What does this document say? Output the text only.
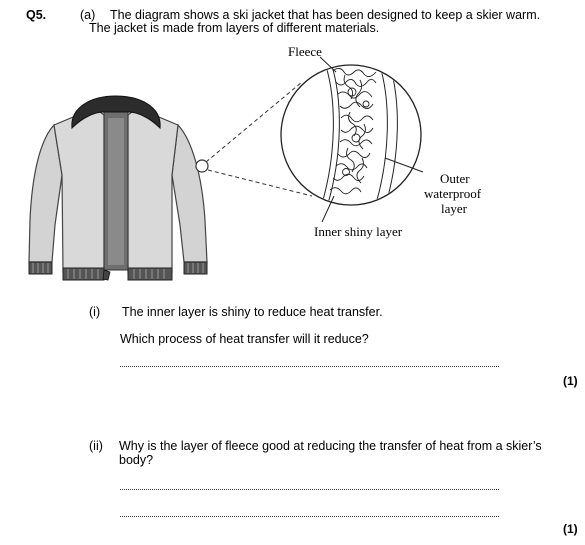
Q5.	(a) The diagram shows a ski jacket that has been designed to keep a skier warm.
The jacket is made from layers of different materials.
Fleece
Outer
waterproof
layer
Inner shiny layer
(i) The inner layer is shiny to reduce heat transfer.
Which process of heat transfer will it reduce?
(1)
(ii) Why is the layer of fleece good at reducing the transfer of heat from a skier’s
body?
(1)
